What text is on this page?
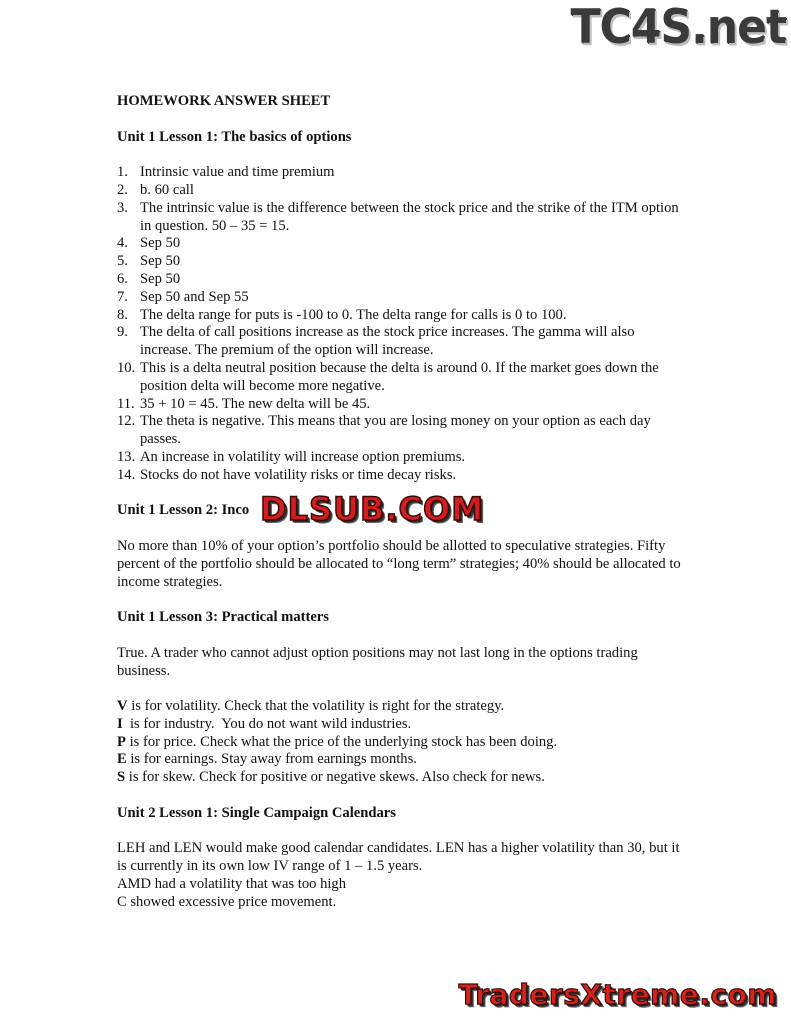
TC4S.net

HOMEWORK ANSWER SHEET

Unit 1 Lesson 1: The basics of options

1. Intrinsic value and time premium
2. b. 60 call
3. The intrinsic value is the difference between the stock price and the strike of the ITM option in question. 50 – 35 = 15.
4. Sep 50
5. Sep 50
6. Sep 50
7. Sep 50 and Sep 55
8. The delta range for puts is -100 to 0. The delta range for calls is 0 to 100.
9. The delta of call positions increase as the stock price increases. The gamma will also increase. The premium of the option will increase.
10. This is a delta neutral position because the delta is around 0. If the market goes down the position delta will become more negative.
11. 35 + 10 = 45. The new delta will be 45.
12. The theta is negative. This means that you are losing money on your option as each day passes.
13. An increase in volatility will increase option premiums.
14. Stocks do not have volatility risks or time decay risks.

Unit 1 Lesson 2: Inco

No more than 10% of your option’s portfolio should be allotted to speculative strategies. Fifty percent of the portfolio should be allocated to “long term” strategies; 40% should be allocated to income strategies.

Unit 1 Lesson 3: Practical matters

True. A trader who cannot adjust option positions may not last long in the options trading business.

V is for volatility. Check that the volatility is right for the strategy.
I  is for industry.  You do not want wild industries.
P is for price. Check what the price of the underlying stock has been doing.
E is for earnings. Stay away from earnings months.
S is for skew. Check for positive or negative skews. Also check for news.

Unit 2 Lesson 1: Single Campaign Calendars

LEH and LEN would make good calendar candidates. LEN has a higher volatility than 30, but it is currently in its own low IV range of 1 – 1.5 years.

AMD had a volatility that was too high

C showed excessive price movement.

DLSUB.COM
TradersXtreme.com
